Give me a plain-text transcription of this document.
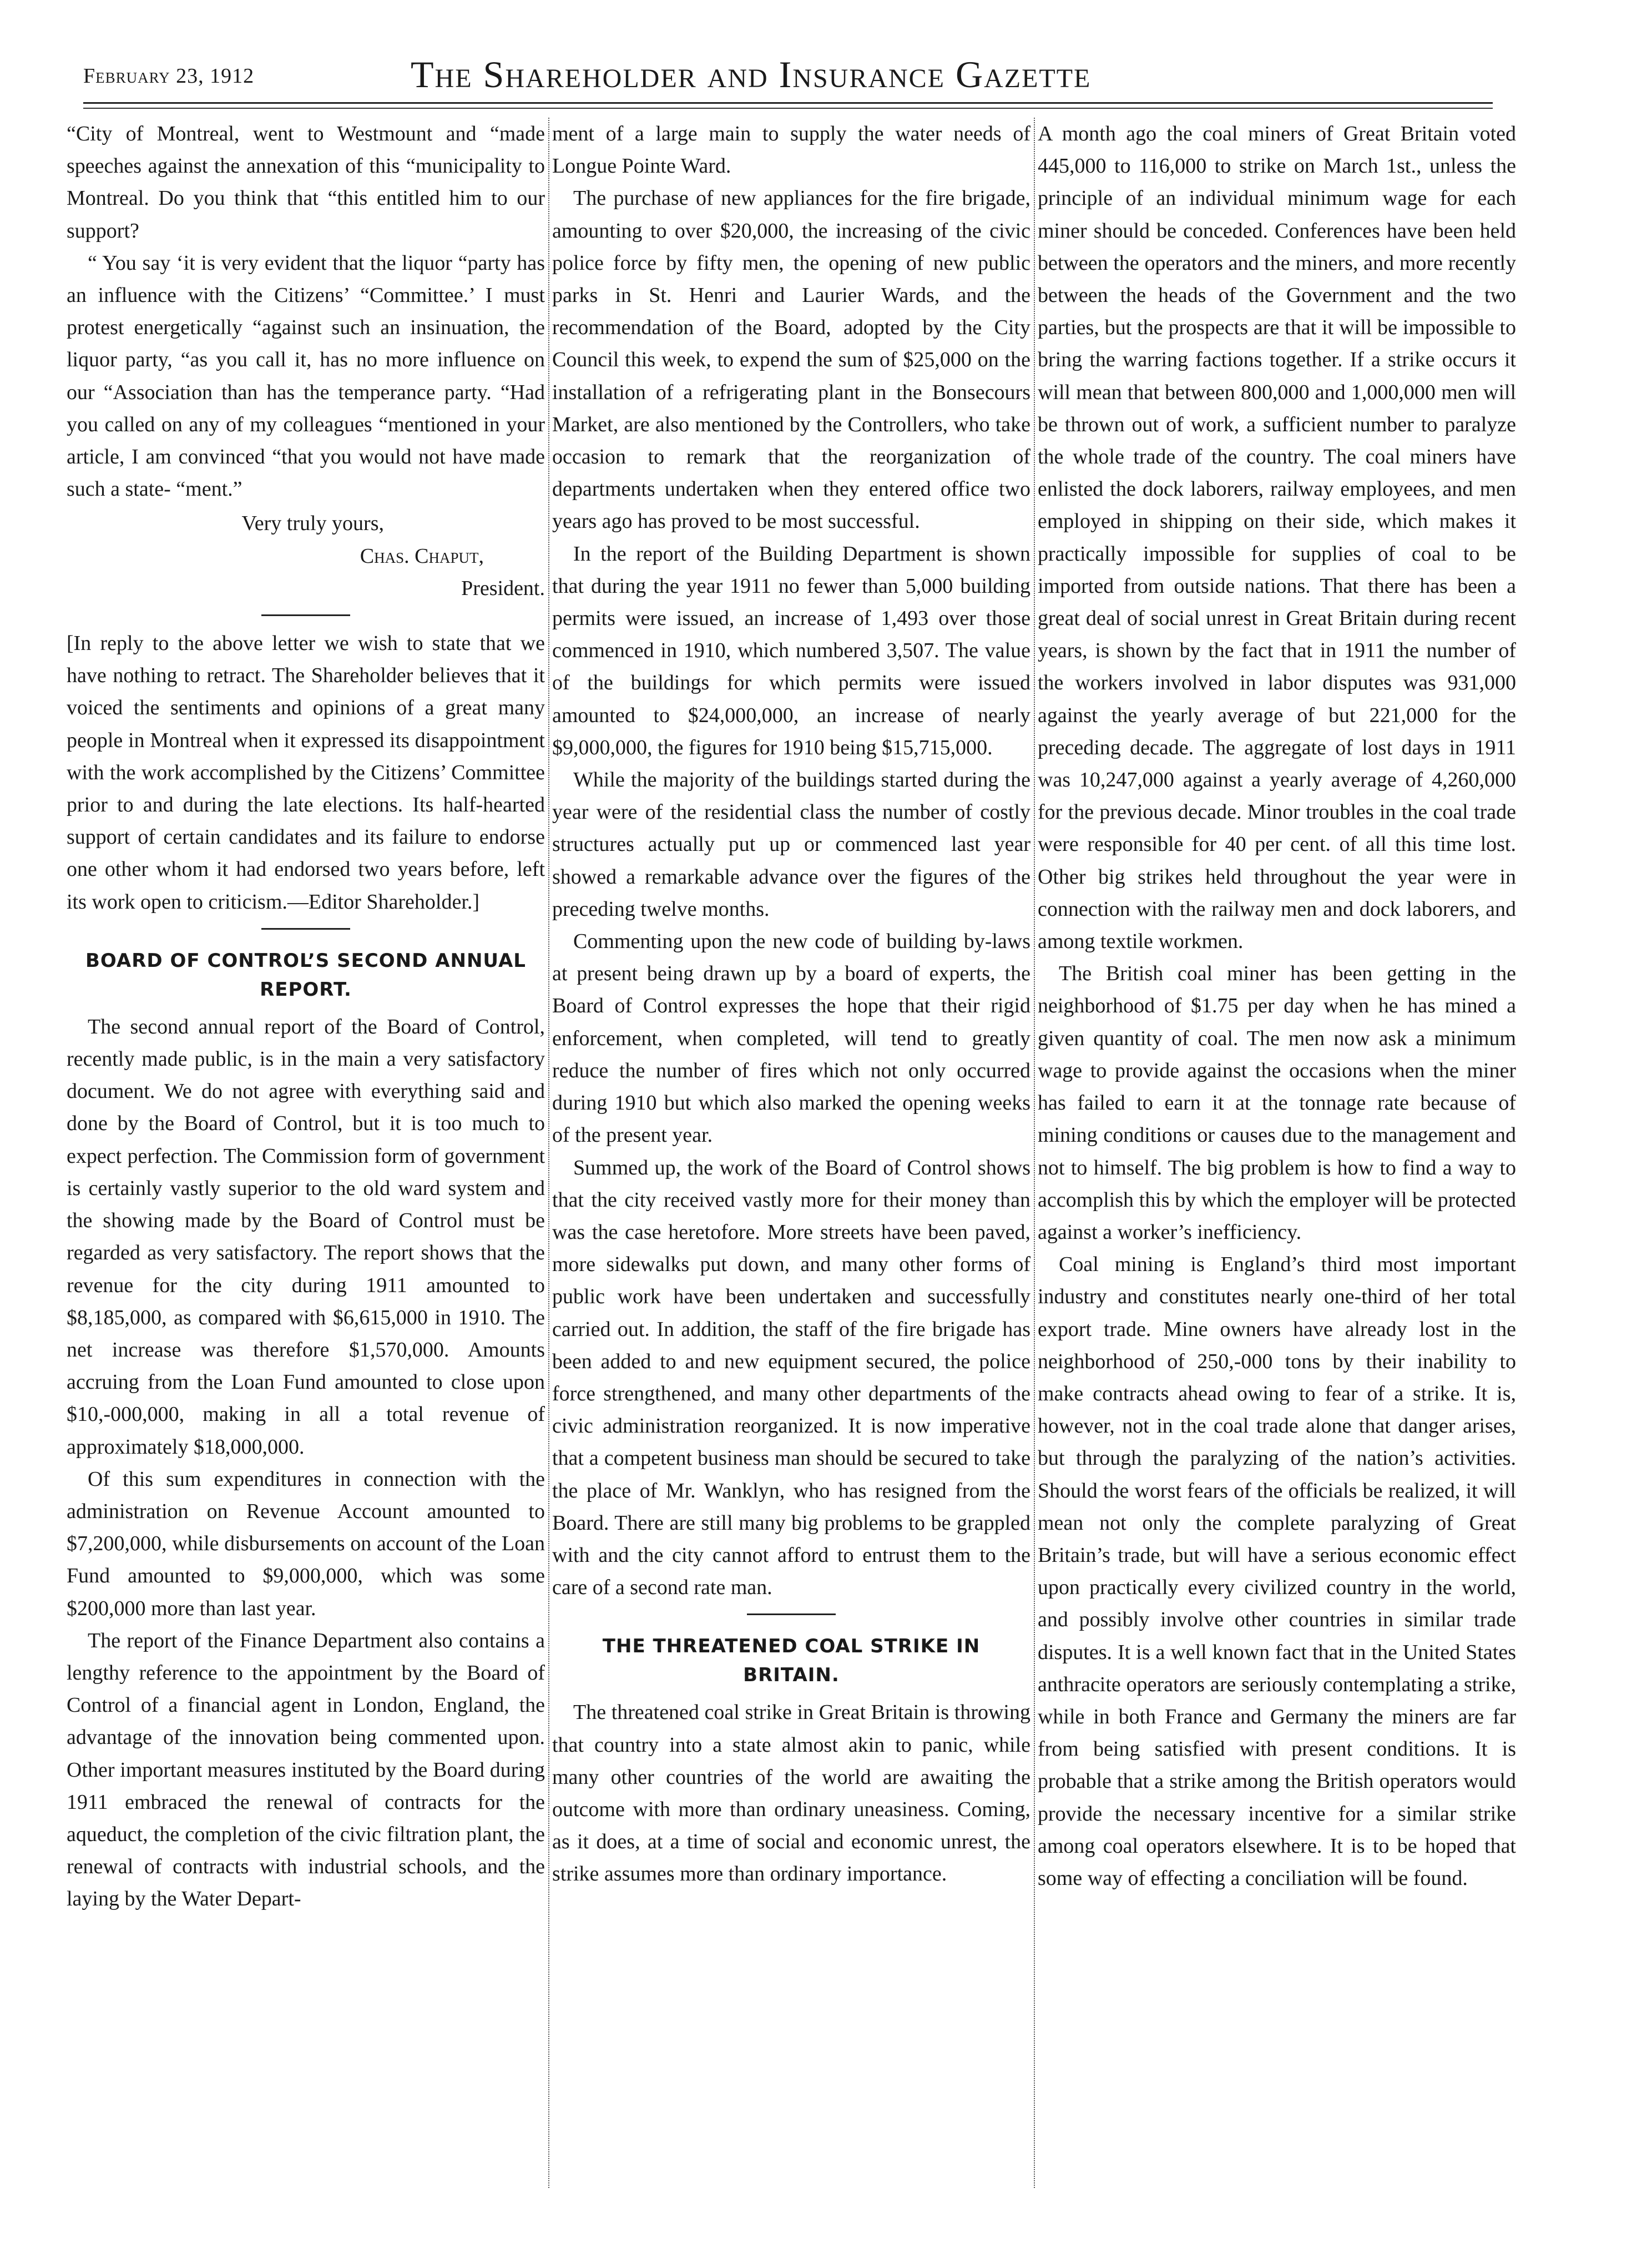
February 23, 1912	The Shareholder and Insurance Gazette

“City of Montreal, went to Westmount and “made speeches against the annexation of this “municipality to Montreal. Do you think that “this entitled him to our support?

“ You say ‘it is very evident that the liquor “party has an influence with the Citizens’ “Committee.’ I must protest energetically “against such an insinuation, the liquor party, “as you call it, has no more influence on our “Association than has the temperance party. “Had you called on any of my colleagues “mentioned in your article, I am convinced “that you would not have made such a state- “ment.”

Very truly yours,
Chas. Chaput,
President.

[In reply to the above letter we wish to state that we have nothing to retract. The Shareholder believes that it voiced the sentiments and opinions of a great many people in Montreal when it expressed its disappointment with the work accomplished by the Citizens’ Committee prior to and during the late elections. Its half-hearted support of certain candidates and its failure to endorse one other whom it had endorsed two years before, left its work open to criticism.—Editor Shareholder.]

BOARD OF CONTROL’S SECOND ANNUAL REPORT.

The second annual report of the Board of Control, recently made public, is in the main a very satisfactory document. We do not agree with everything said and done by the Board of Control, but it is too much to expect perfection. The Commission form of government is certainly vastly superior to the old ward system and the showing made by the Board of Control must be regarded as very satisfactory. The report shows that the revenue for the city during 1911 amounted to $8,185,000, as compared with $6,615,000 in 1910. The net increase was therefore $1,570,000. Amounts accruing from the Loan Fund amounted to close upon $10,-000,000, making in all a total revenue of approximately $18,000,000.

Of this sum expenditures in connection with the administration on Revenue Account amounted to $7,200,000, while disbursements on account of the Loan Fund amounted to $9,000,000, which was some $200,000 more than last year.

The report of the Finance Department also contains a lengthy reference to the appointment by the Board of Control of a financial agent in London, England, the advantage of the innovation being commented upon. Other important measures instituted by the Board during 1911 embraced the renewal of contracts for the aqueduct, the completion of the civic filtration plant, the renewal of contracts with industrial schools, and the laying by the Water Depart-

ment of a large main to supply the water needs of Longue Pointe Ward.

The purchase of new appliances for the fire brigade, amounting to over $20,000, the increasing of the civic police force by fifty men, the opening of new public parks in St. Henri and Laurier Wards, and the recommendation of the Board, adopted by the City Council this week, to expend the sum of $25,000 on the installation of a refrigerating plant in the Bonsecours Market, are also mentioned by the Controllers, who take occasion to remark that the reorganization of departments undertaken when they entered office two years ago has proved to be most successful.

In the report of the Building Department is shown that during the year 1911 no fewer than 5,000 building permits were issued, an increase of 1,493 over those commenced in 1910, which numbered 3,507. The value of the buildings for which permits were issued amounted to $24,000,000, an increase of nearly $9,000,000, the figures for 1910 being $15,715,000.

While the majority of the buildings started during the year were of the residential class the number of costly structures actually put up or commenced last year showed a remarkable advance over the figures of the preceding twelve months.

Commenting upon the new code of building by-laws at present being drawn up by a board of experts, the Board of Control expresses the hope that their rigid enforcement, when completed, will tend to greatly reduce the number of fires which not only occurred during 1910 but which also marked the opening weeks of the present year.

Summed up, the work of the Board of Control shows that the city received vastly more for their money than was the case heretofore. More streets have been paved, more sidewalks put down, and many other forms of public work have been undertaken and successfully carried out. In addition, the staff of the fire brigade has been added to and new equipment secured, the police force strengthened, and many other departments of the civic administration reorganized. It is now imperative that a competent business man should be secured to take the place of Mr. Wanklyn, who has resigned from the Board. There are still many big problems to be grappled with and the city cannot afford to entrust them to the care of a second rate man.

THE THREATENED COAL STRIKE IN BRITAIN.

The threatened coal strike in Great Britain is throwing that country into a state almost akin to panic, while many other countries of the world are awaiting the outcome with more than ordinary uneasiness. Coming, as it does, at a time of social and economic unrest, the strike assumes more than ordinary importance.

A month ago the coal miners of Great Britain voted 445,000 to 116,000 to strike on March 1st., unless the principle of an individual minimum wage for each miner should be conceded. Conferences have been held between the operators and the miners, and more recently between the heads of the Government and the two parties, but the prospects are that it will be impossible to bring the warring factions together. If a strike occurs it will mean that between 800,000 and 1,000,000 men will be thrown out of work, a sufficient number to paralyze the whole trade of the country. The coal miners have enlisted the dock laborers, railway employees, and men employed in shipping on their side, which makes it practically impossible for supplies of coal to be imported from outside nations. That there has been a great deal of social unrest in Great Britain during recent years, is shown by the fact that in 1911 the number of the workers involved in labor disputes was 931,000 against the yearly average of but 221,000 for the preceding decade. The aggregate of lost days in 1911 was 10,247,000 against a yearly average of 4,260,000 for the previous decade. Minor troubles in the coal trade were responsible for 40 per cent. of all this time lost. Other big strikes held throughout the year were in connection with the railway men and dock laborers, and among textile workmen.

The British coal miner has been getting in the neighborhood of $1.75 per day when he has mined a given quantity of coal. The men now ask a minimum wage to provide against the occasions when the miner has failed to earn it at the tonnage rate because of mining conditions or causes due to the management and not to himself. The big problem is how to find a way to accomplish this by which the employer will be protected against a worker’s inefficiency.

Coal mining is England’s third most important industry and constitutes nearly one-third of her total export trade. Mine owners have already lost in the neighborhood of 250,-000 tons by their inability to make contracts ahead owing to fear of a strike. It is, however, not in the coal trade alone that danger arises, but through the paralyzing of the nation’s activities. Should the worst fears of the officials be realized, it will mean not only the complete paralyzing of Great Britain’s trade, but will have a serious economic effect upon practically every civilized country in the world, and possibly involve other countries in similar trade disputes. It is a well known fact that in the United States anthracite operators are seriously contemplating a strike, while in both France and Germany the miners are far from being satisfied with present conditions. It is probable that a strike among the British operators would provide the necessary incentive for a similar strike among coal operators elsewhere. It is to be hoped that some way of effecting a conciliation will be found.
